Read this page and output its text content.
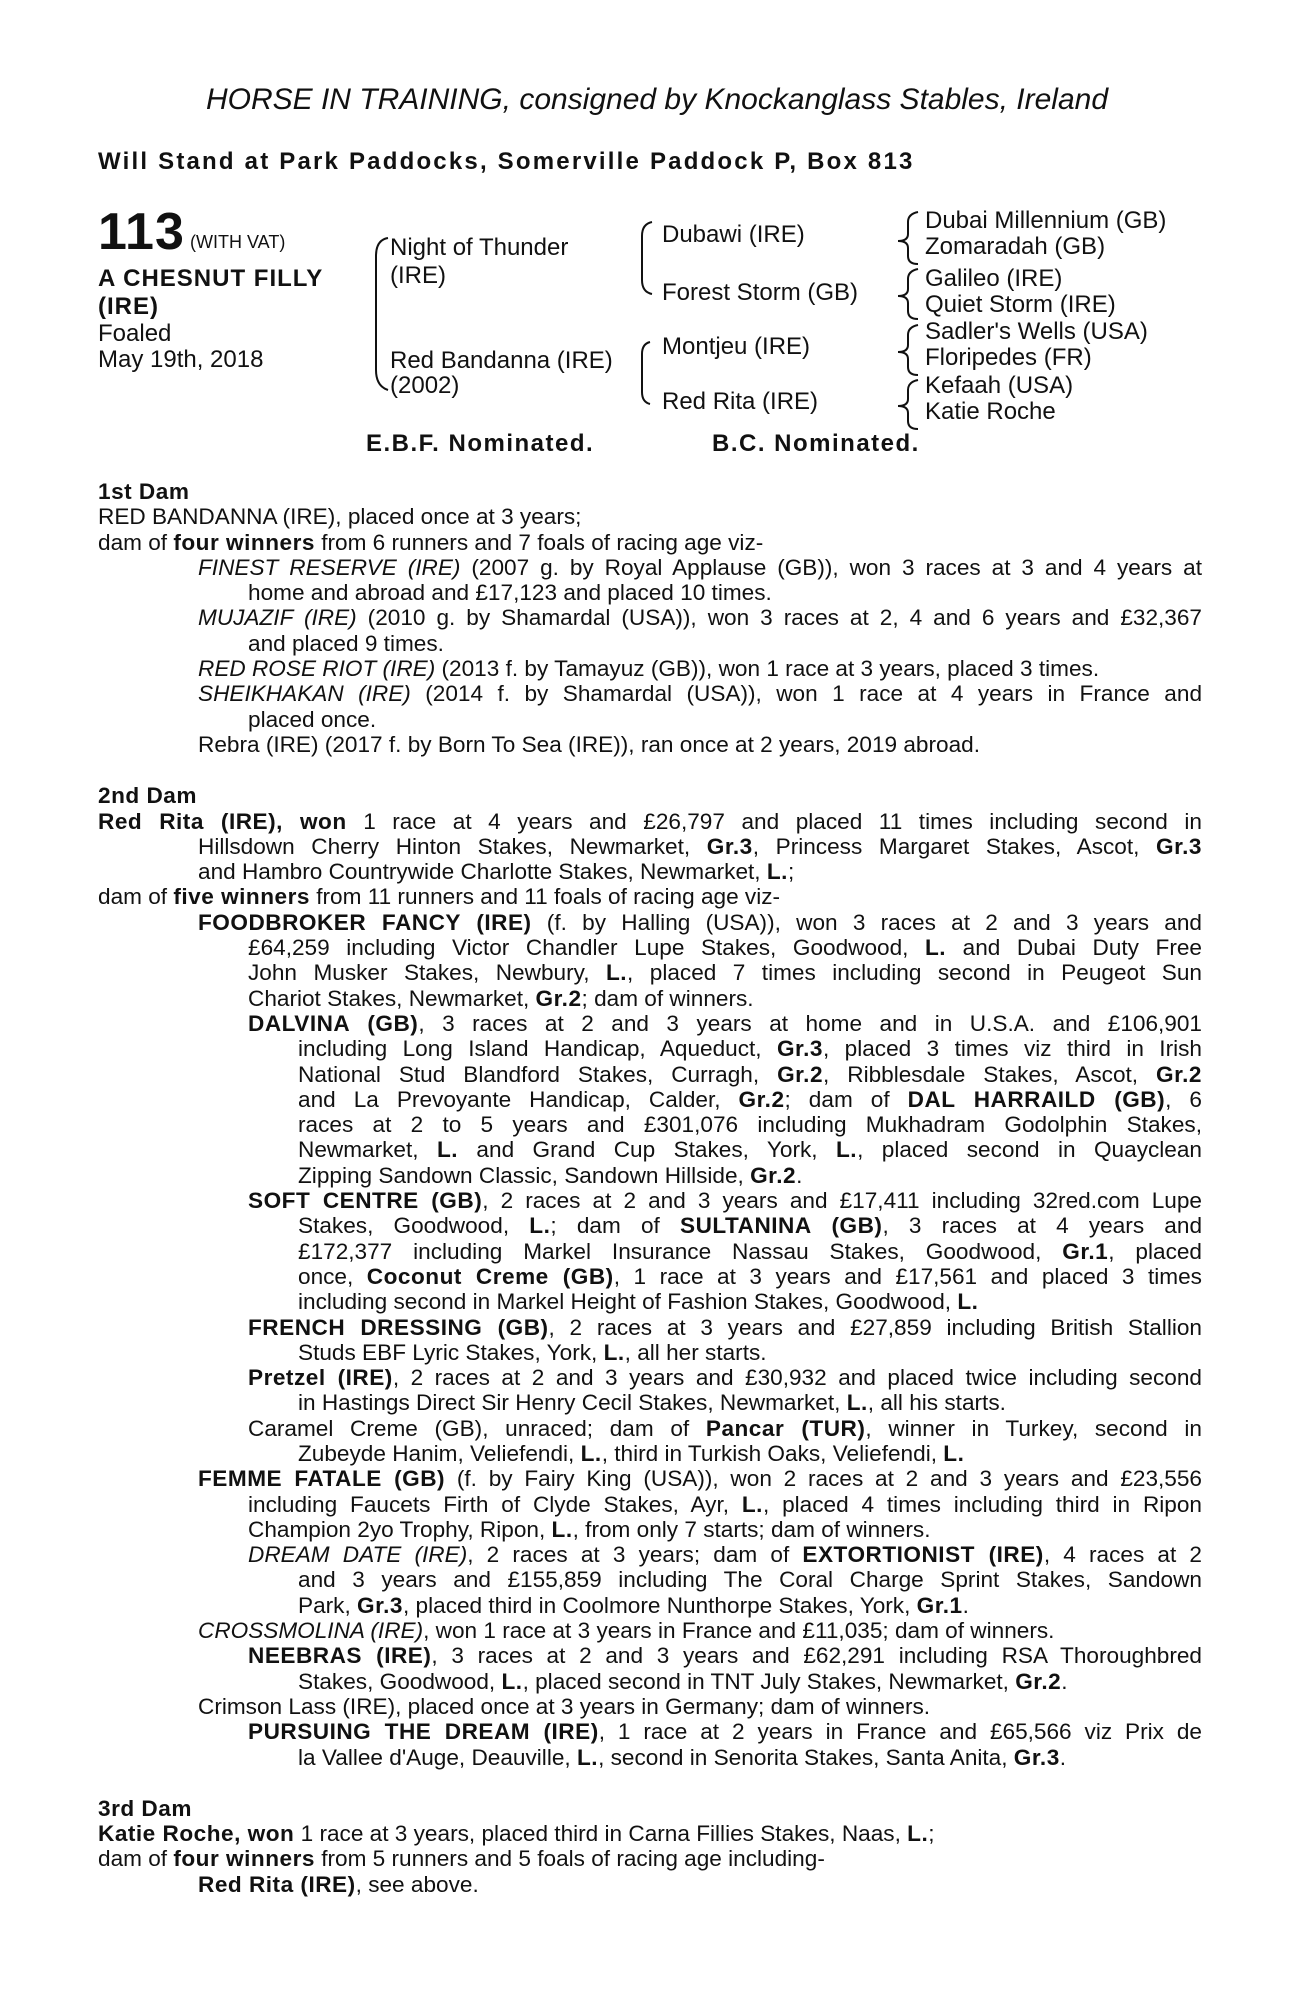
HORSE IN TRAINING, consigned by Knockanglass Stables, Ireland
Will Stand at Park Paddocks, Somerville Paddock P, Box 813
113 (WITH VAT)
A CHESNUT FILLY
(IRE)
Foaled
May 19th, 2018
Night of Thunder
(IRE)
Red Bandanna (IRE)
(2002)
Dubawi (IRE)
Forest Storm (GB)
Montjeu (IRE)
Red Rita (IRE)
Dubai Millennium (GB)
Zomaradah (GB)
Galileo (IRE)
Quiet Storm (IRE)
Sadler's Wells (USA)
Floripedes (FR)
Kefaah (USA)
Katie Roche
E.B.F. Nominated.	B.C. Nominated.
1st Dam
RED BANDANNA (IRE), placed once at 3 years;
dam of four winners from 6 runners and 7 foals of racing age viz-
FINEST RESERVE (IRE) (2007 g. by Royal Applause (GB)), won 3 races at 3 and 4 years at
home and abroad and £17,123 and placed 10 times.
MUJAZIF (IRE) (2010 g. by Shamardal (USA)), won 3 races at 2, 4 and 6 years and £32,367
and placed 9 times.
RED ROSE RIOT (IRE) (2013 f. by Tamayuz (GB)), won 1 race at 3 years, placed 3 times.
SHEIKHAKAN (IRE) (2014 f. by Shamardal (USA)), won 1 race at 4 years in France and
placed once.
Rebra (IRE) (2017 f. by Born To Sea (IRE)), ran once at 2 years, 2019 abroad.
2nd Dam
Red Rita (IRE), won 1 race at 4 years and £26,797 and placed 11 times including second in
Hillsdown Cherry Hinton Stakes, Newmarket, Gr.3, Princess Margaret Stakes, Ascot, Gr.3
and Hambro Countrywide Charlotte Stakes, Newmarket, L.;
dam of five winners from 11 runners and 11 foals of racing age viz-
FOODBROKER FANCY (IRE) (f. by Halling (USA)), won 3 races at 2 and 3 years and
£64,259 including Victor Chandler Lupe Stakes, Goodwood, L. and Dubai Duty Free
John Musker Stakes, Newbury, L., placed 7 times including second in Peugeot Sun
Chariot Stakes, Newmarket, Gr.2; dam of winners.
DALVINA (GB), 3 races at 2 and 3 years at home and in U.S.A. and £106,901
including Long Island Handicap, Aqueduct, Gr.3, placed 3 times viz third in Irish
National Stud Blandford Stakes, Curragh, Gr.2, Ribblesdale Stakes, Ascot, Gr.2
and La Prevoyante Handicap, Calder, Gr.2; dam of DAL HARRAILD (GB), 6
races at 2 to 5 years and £301,076 including Mukhadram Godolphin Stakes,
Newmarket, L. and Grand Cup Stakes, York, L., placed second in Quayclean
Zipping Sandown Classic, Sandown Hillside, Gr.2.
SOFT CENTRE (GB), 2 races at 2 and 3 years and £17,411 including 32red.com Lupe
Stakes, Goodwood, L.; dam of SULTANINA (GB), 3 races at 4 years and
£172,377 including Markel Insurance Nassau Stakes, Goodwood, Gr.1, placed
once, Coconut Creme (GB), 1 race at 3 years and £17,561 and placed 3 times
including second in Markel Height of Fashion Stakes, Goodwood, L.
FRENCH DRESSING (GB), 2 races at 3 years and £27,859 including British Stallion
Studs EBF Lyric Stakes, York, L., all her starts.
Pretzel (IRE), 2 races at 2 and 3 years and £30,932 and placed twice including second
in Hastings Direct Sir Henry Cecil Stakes, Newmarket, L., all his starts.
Caramel Creme (GB), unraced; dam of Pancar (TUR), winner in Turkey, second in
Zubeyde Hanim, Veliefendi, L., third in Turkish Oaks, Veliefendi, L.
FEMME FATALE (GB) (f. by Fairy King (USA)), won 2 races at 2 and 3 years and £23,556
including Faucets Firth of Clyde Stakes, Ayr, L., placed 4 times including third in Ripon
Champion 2yo Trophy, Ripon, L., from only 7 starts; dam of winners.
DREAM DATE (IRE), 2 races at 3 years; dam of EXTORTIONIST (IRE), 4 races at 2
and 3 years and £155,859 including The Coral Charge Sprint Stakes, Sandown
Park, Gr.3, placed third in Coolmore Nunthorpe Stakes, York, Gr.1.
CROSSMOLINA (IRE), won 1 race at 3 years in France and £11,035; dam of winners.
NEEBRAS (IRE), 3 races at 2 and 3 years and £62,291 including RSA Thoroughbred
Stakes, Goodwood, L., placed second in TNT July Stakes, Newmarket, Gr.2.
Crimson Lass (IRE), placed once at 3 years in Germany; dam of winners.
PURSUING THE DREAM (IRE), 1 race at 2 years in France and £65,566 viz Prix de
la Vallee d'Auge, Deauville, L., second in Senorita Stakes, Santa Anita, Gr.3.
3rd Dam
Katie Roche, won 1 race at 3 years, placed third in Carna Fillies Stakes, Naas, L.;
dam of four winners from 5 runners and 5 foals of racing age including-
Red Rita (IRE), see above.
